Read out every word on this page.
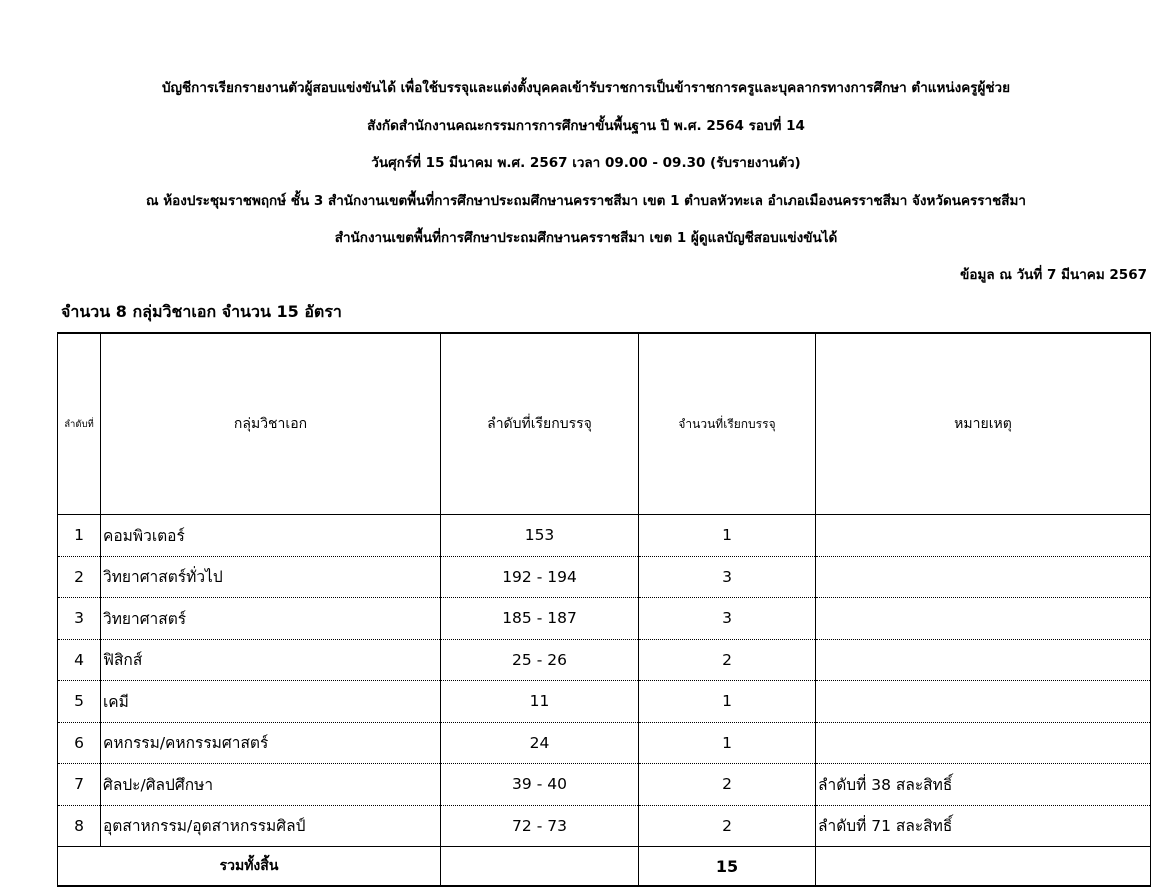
บัญชีการเรียกรายงานตัวผู้สอบแข่งขันได้ เพื่อใช้บรรจุและแต่งตั้งบุคคลเข้ารับราชการเป็นข้าราชการครูและบุคลากรทางการศึกษา ตำแหน่งครูผู้ช่วย
สังกัดสำนักงานคณะกรรมการการศึกษาขั้นพื้นฐาน ปี พ.ศ. 2564 รอบที่ 14
วันศุกร์ที่ 15 มีนาคม พ.ศ. 2567 เวลา 09.00 - 09.30 (รับรายงานตัว)
ณ ห้องประชุมราชพฤกษ์ ชั้น 3 สำนักงานเขตพื้นที่การศึกษาประถมศึกษานครราชสีมา เขต 1 ตำบลหัวทะเล อำเภอเมืองนครราชสีมา จังหวัดนครราชสีมา
สำนักงานเขตพื้นที่การศึกษาประถมศึกษานครราชสีมา เขต 1 ผู้ดูแลบัญชีสอบแข่งขันได้
ข้อมูล ณ วันที่ 7 มีนาคม 2567
จำนวน 8 กลุ่มวิชาเอก จำนวน 15 อัตรา
ลำดับที่	กลุ่มวิชาเอก	ลำดับที่เรียกบรรจุ	จำนวนที่เรียกบรรจุ	หมายเหตุ
1	คอมพิวเตอร์	153	1	
2	วิทยาศาสตร์ทั่วไป	192 - 194	3	
3	วิทยาศาสตร์	185 - 187	3	
4	ฟิสิกส์	25 - 26	2	
5	เคมี	11	1	
6	คหกรรม/คหกรรมศาสตร์	24	1	
7	ศิลปะ/ศิลปศึกษา	39 - 40	2	ลำดับที่ 38 สละสิทธิ์
8	อุตสาหกรรม/อุตสาหกรรมศิลป์	72 - 73	2	ลำดับที่ 71 สละสิทธิ์
รวมทั้งสิ้น			15	
